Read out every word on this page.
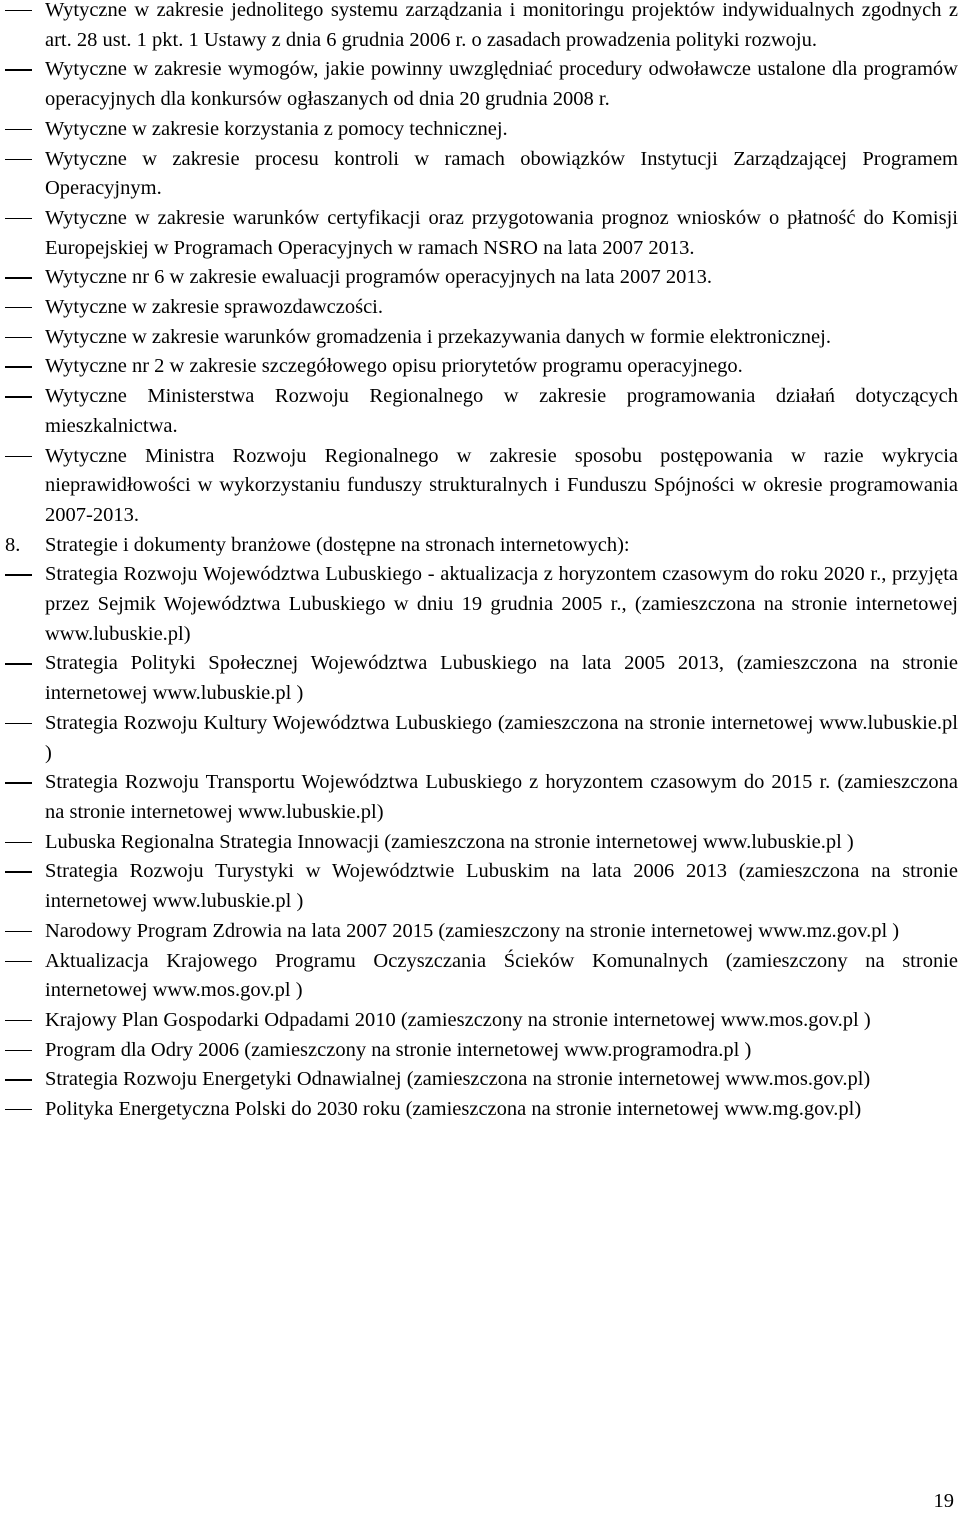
Wytyczne w zakresie jednolitego systemu zarządzania i monitoringu projektów indywidualnych zgodnych z art. 28 ust. 1 pkt. 1 Ustawy z dnia 6 grudnia 2006 r. o zasadach prowadzenia polityki rozwoju.
Wytyczne w zakresie wymogów, jakie powinny uwzględniać procedury odwoławcze ustalone dla programów operacyjnych dla konkursów ogłaszanych od dnia 20 grudnia 2008 r.
Wytyczne w zakresie korzystania z pomocy technicznej.
Wytyczne w zakresie procesu kontroli w ramach obowiązków Instytucji Zarządzającej Programem Operacyjnym.
Wytyczne w zakresie warunków certyfikacji oraz przygotowania prognoz wniosków o płatność do Komisji Europejskiej w Programach Operacyjnych w ramach NSRO na lata 2007 2013.
Wytyczne nr 6 w zakresie ewaluacji programów operacyjnych na lata 2007 2013.
Wytyczne w zakresie sprawozdawczości.
Wytyczne w zakresie warunków gromadzenia i przekazywania danych w formie elektronicznej.
Wytyczne nr 2 w zakresie szczegółowego opisu priorytetów programu operacyjnego.
Wytyczne Ministerstwa Rozwoju Regionalnego w zakresie programowania działań dotyczących mieszkalnictwa.
Wytyczne Ministra Rozwoju Regionalnego w zakresie sposobu postępowania w razie wykrycia nieprawidłowości w wykorzystaniu funduszy strukturalnych i Funduszu Spójności w okresie programowania 2007-2013.
8. Strategie i dokumenty branżowe (dostępne na stronach internetowych):
Strategia Rozwoju Województwa Lubuskiego - aktualizacja z horyzontem czasowym do roku 2020 r., przyjęta przez Sejmik Województwa Lubuskiego w dniu 19 grudnia 2005 r., (zamieszczona na stronie internetowej www.lubuskie.pl)
Strategia Polityki Społecznej Województwa Lubuskiego na lata 2005 2013, (zamieszczona na stronie internetowej www.lubuskie.pl )
Strategia Rozwoju Kultury Województwa Lubuskiego (zamieszczona na stronie internetowej www.lubuskie.pl )
Strategia Rozwoju Transportu Województwa Lubuskiego z horyzontem czasowym do 2015 r. (zamieszczona na stronie internetowej www.lubuskie.pl)
Lubuska Regionalna Strategia Innowacji (zamieszczona na stronie internetowej www.lubuskie.pl )
Strategia Rozwoju Turystyki w Województwie Lubuskim na lata 2006 2013 (zamieszczona na stronie internetowej www.lubuskie.pl )
Narodowy Program Zdrowia na lata 2007 2015 (zamieszczony na stronie internetowej www.mz.gov.pl )
Aktualizacja Krajowego Programu Oczyszczania Ścieków Komunalnych (zamieszczony na stronie internetowej www.mos.gov.pl )
Krajowy Plan Gospodarki Odpadami 2010 (zamieszczony na stronie internetowej www.mos.gov.pl )
Program dla Odry 2006 (zamieszczony na stronie internetowej www.programodra.pl )
Strategia Rozwoju Energetyki Odnawialnej (zamieszczona na stronie internetowej www.mos.gov.pl)
Polityka Energetyczna Polski do 2030 roku (zamieszczona na stronie internetowej www.mg.gov.pl)
19
